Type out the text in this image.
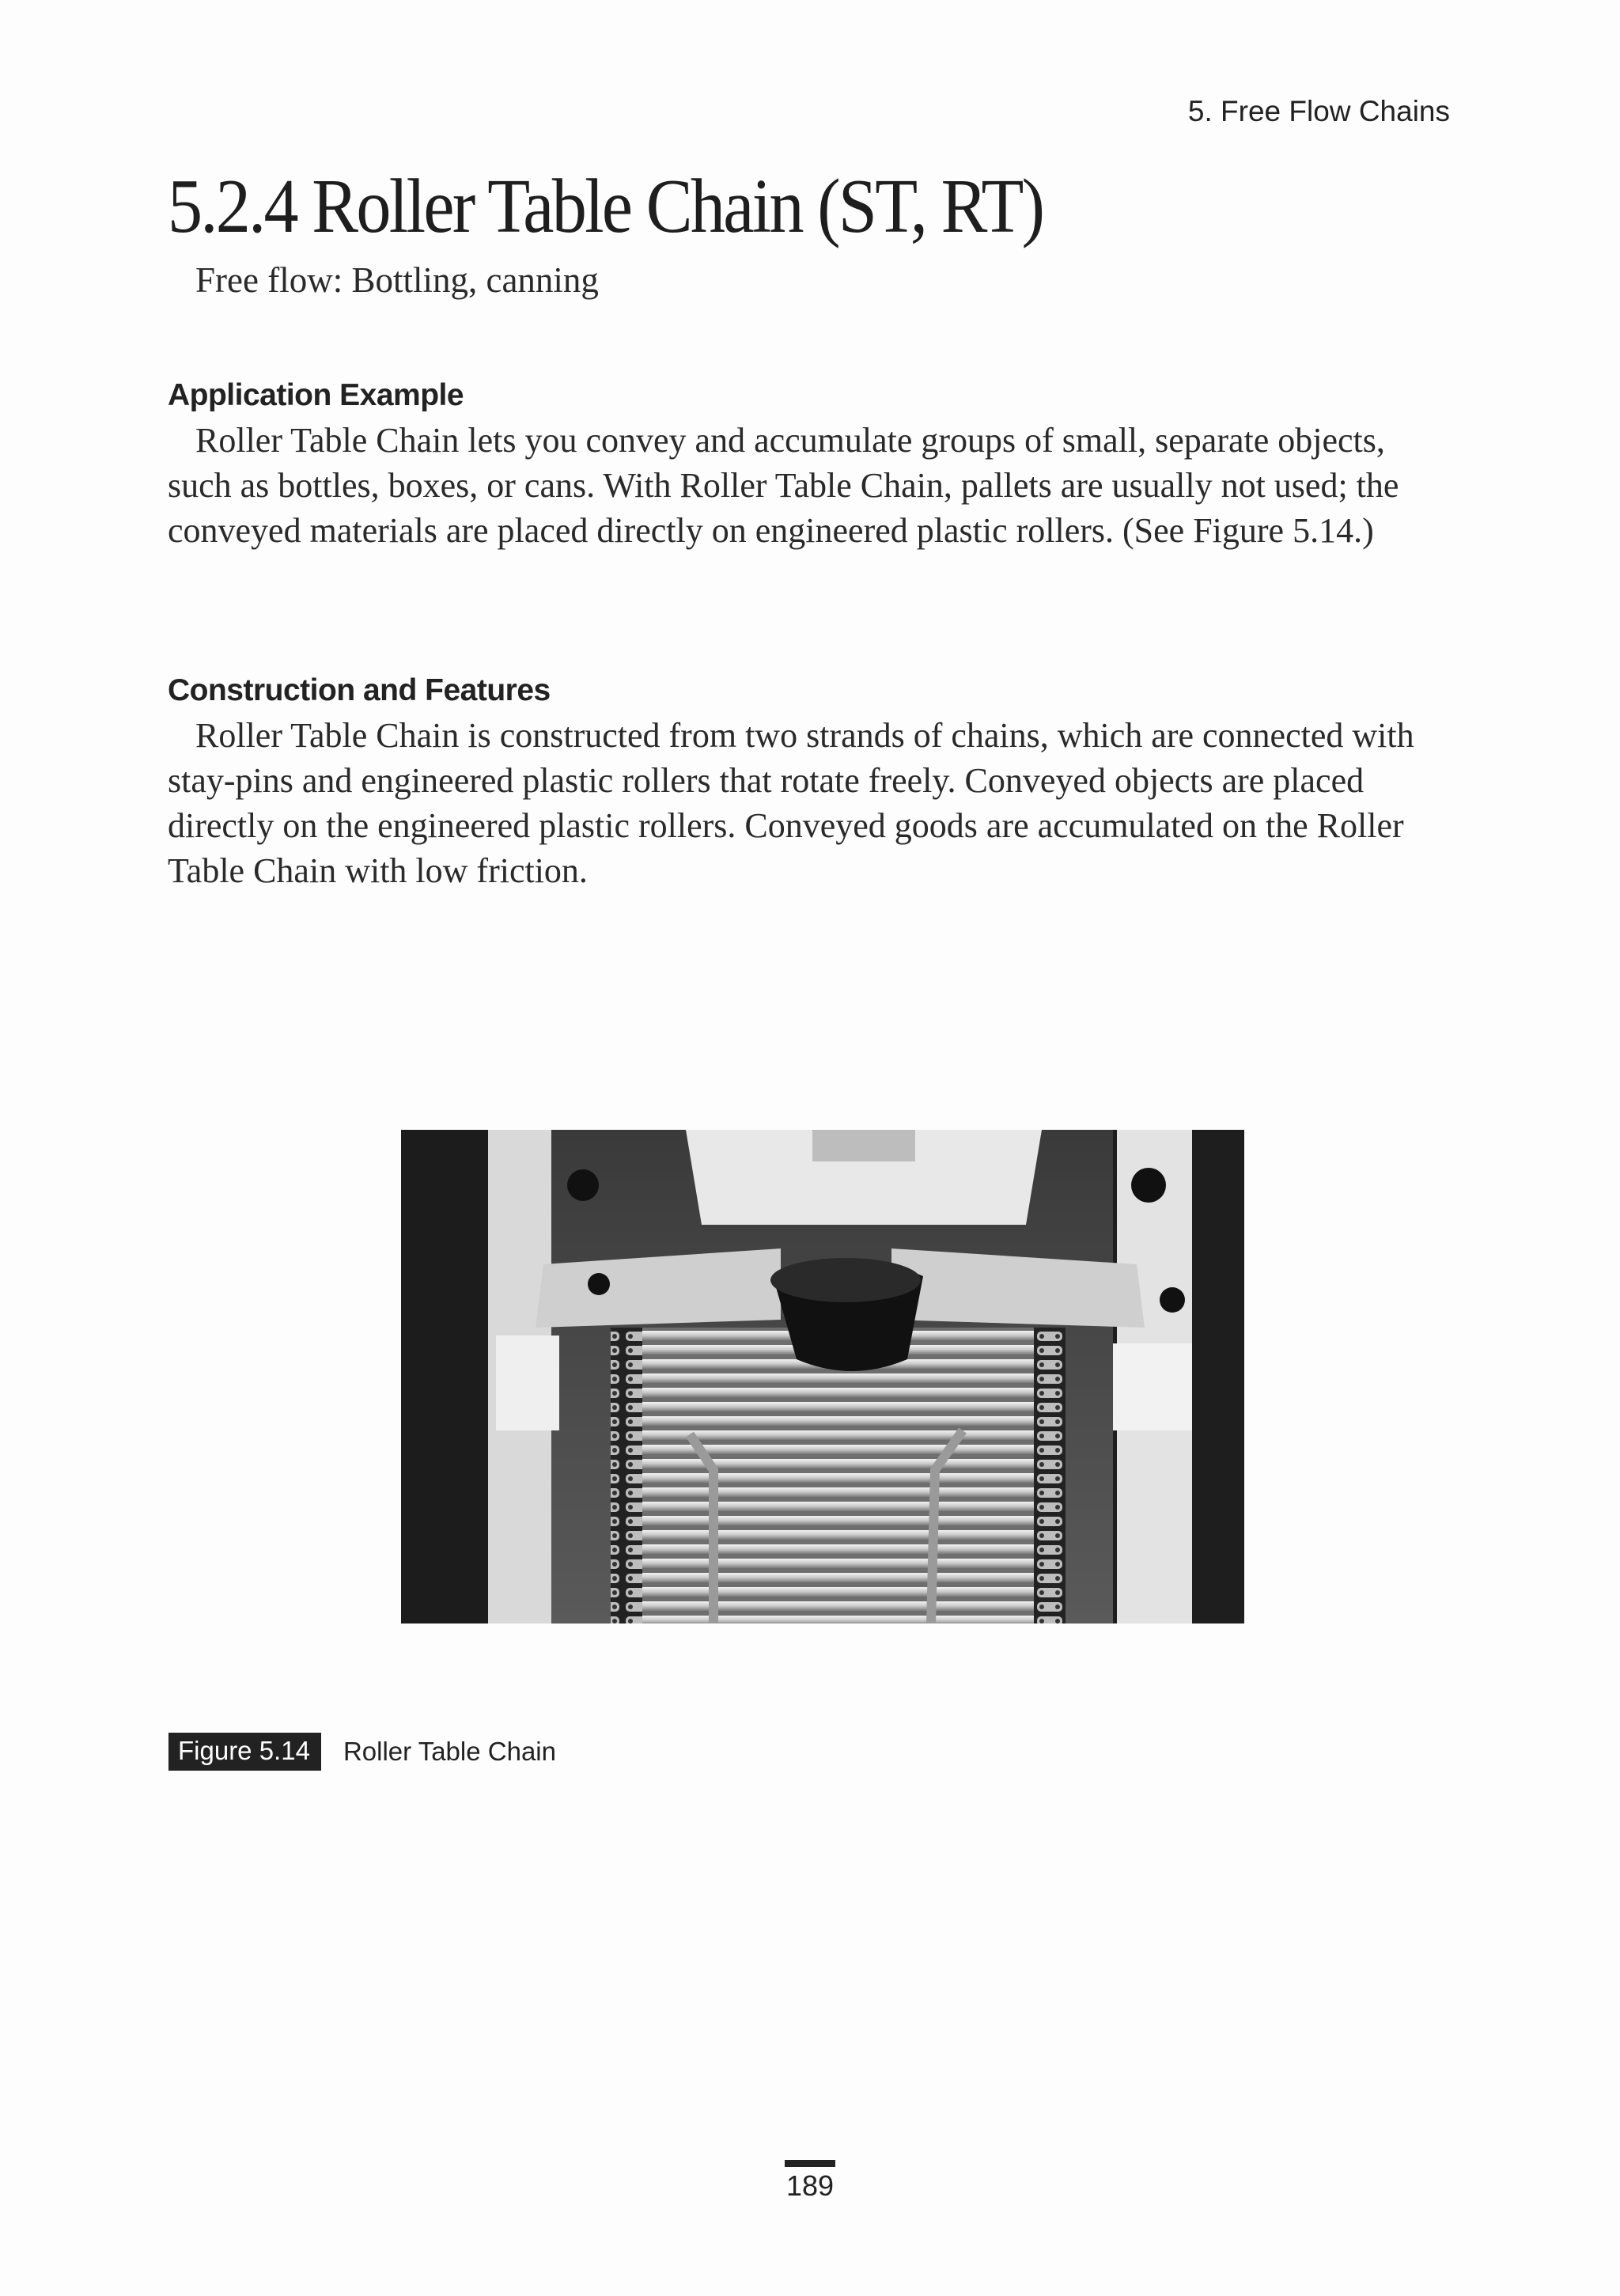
5. Free Flow Chains
5.2.4 Roller Table Chain (ST, RT)
Free flow: Bottling, canning
Application Example

Roller Table Chain lets you convey and accumulate groups of small, separate objects, such as bottles, boxes, or cans. With Roller Table Chain, pallets are usually not used; the conveyed materials are placed directly on engineered plastic rollers. (See Figure 5.14.)

Construction and Features

Roller Table Chain is constructed from two strands of chains, which are connected with stay-pins and engineered plastic rollers that rotate freely. Conveyed objects are placed directly on the engineered plastic rollers. Conveyed goods are accumulated on the Roller Table Chain with low friction.

Figure 5.14	Roller Table Chain
189
